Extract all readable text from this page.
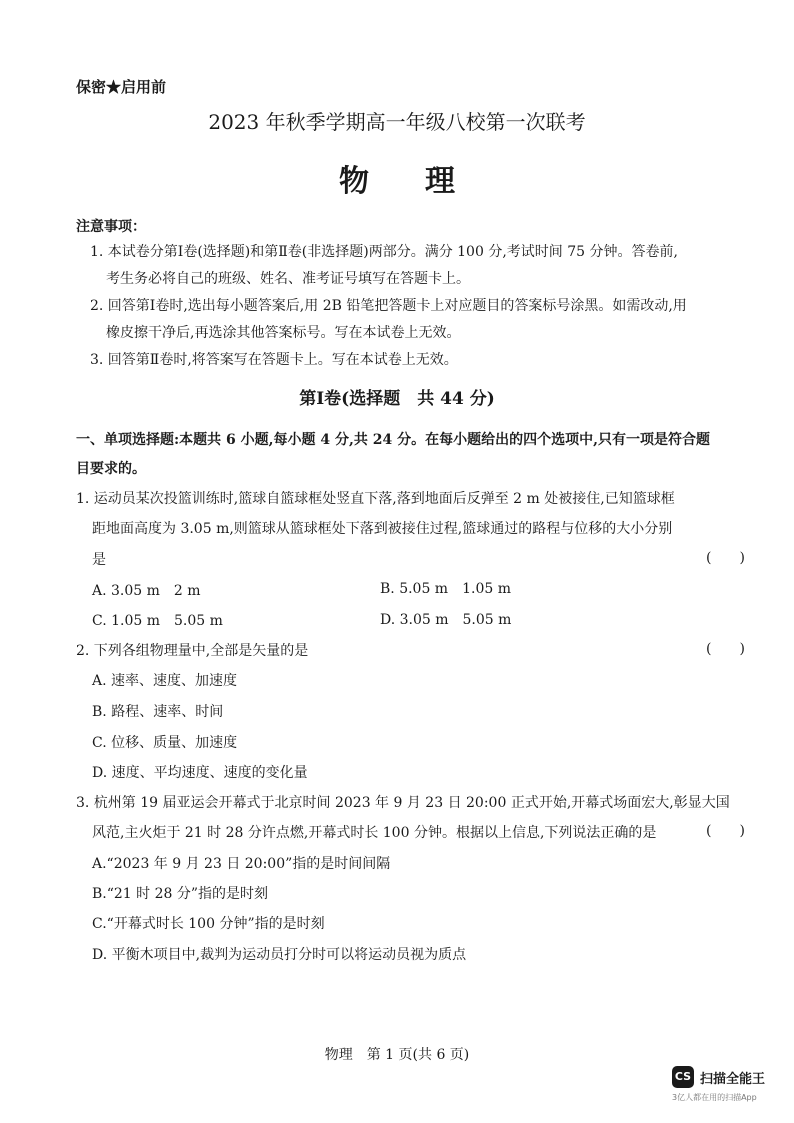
保密★启用前
2023 年秋季学期高一年级八校第一次联考
物理
注意事项：
1. 本试卷分第Ⅰ卷(选择题)和第Ⅱ卷(非选择题)两部分。满分 100 分,考试时间 75 分钟。答卷前,
考生务必将自己的班级、姓名、准考证号填写在答题卡上。
2. 回答第Ⅰ卷时,选出每小题答案后,用 2B 铅笔把答题卡上对应题目的答案标号涂黑。如需改动,用
橡皮擦干净后,再选涂其他答案标号。写在本试卷上无效。
3. 回答第Ⅱ卷时,将答案写在答题卡上。写在本试卷上无效。
第Ⅰ卷(选择题　共 44 分)
一、单项选择题:本题共 6 小题,每小题 4 分,共 24 分。在每小题给出的四个选项中,只有一项是符合题
目要求的。
1. 运动员某次投篮训练时,篮球自篮球框处竖直下落,落到地面后反弹至 2 m 处被接住,已知篮球框
距地面高度为 3.05 m,则篮球从篮球框处下落到被接住过程,篮球通过的路程与位移的大小分别
是	(　　)
A. 3.05 m　2 m	B. 5.05 m　1.05 m
C. 1.05 m　5.05 m	D. 3.05 m　5.05 m
2. 下列各组物理量中,全部是矢量的是	(　　)
A. 速率、速度、加速度
B. 路程、速率、时间
C. 位移、质量、加速度
D. 速度、平均速度、速度的变化量
3. 杭州第 19 届亚运会开幕式于北京时间 2023 年 9 月 23 日 20:00 正式开始,开幕式场面宏大,彰显大国
风范,主火炬于 21 时 28 分许点燃,开幕式时长 100 分钟。根据以上信息,下列说法正确的是	(　　)
A.“2023 年 9 月 23 日 20:00”指的是时间间隔
B.“21 时 28 分”指的是时刻
C.“开幕式时长 100 分钟”指的是时刻
D. 平衡木项目中,裁判为运动员打分时可以将运动员视为质点
物理　第 1 页(共 6 页)
CS 扫描全能王
3亿人都在用的扫描App
